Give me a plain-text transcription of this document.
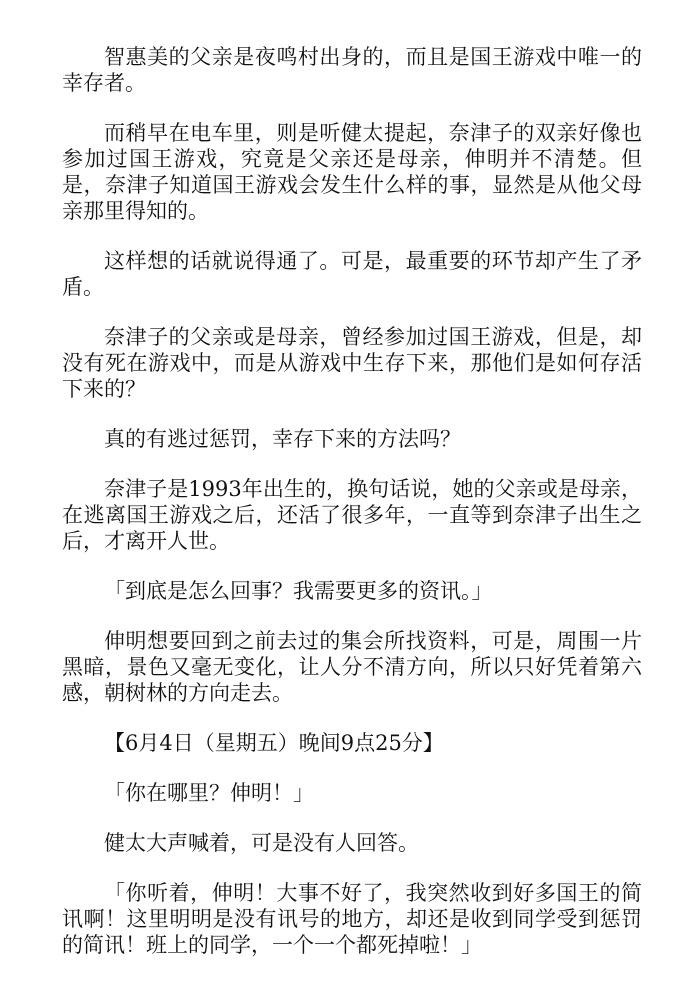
智惠美的父亲是夜鸣村出身的，而且是国王游戏中唯一的幸存者。

而稍早在电车里，则是听健太提起，奈津子的双亲好像也参加过国王游戏，究竟是父亲还是母亲，伸明并不清楚。但是，奈津子知道国王游戏会发生什么样的事，显然是从他父母亲那里得知的。

这样想的话就说得通了。可是，最重要的环节却产生了矛盾。

奈津子的父亲或是母亲，曾经参加过国王游戏，但是，却没有死在游戏中，而是从游戏中生存下来，那他们是如何存活下来的？

真的有逃过惩罚，幸存下来的方法吗？

奈津子是1993年出生的，换句话说，她的父亲或是母亲，在逃离国王游戏之后，还活了很多年，一直等到奈津子出生之后，才离开人世。

「到底是怎么回事？我需要更多的资讯。」

伸明想要回到之前去过的集会所找资料，可是，周围一片黑暗，景色又毫无变化，让人分不清方向，所以只好凭着第六感，朝树林的方向走去。

【6月4日（星期五）晚间9点25分】

「你在哪里？伸明！」

健太大声喊着，可是没有人回答。

「你听着，伸明！大事不好了，我突然收到好多国王的简讯啊！这里明明是没有讯号的地方，却还是收到同学受到惩罚的简讯！班上的同学，一个一个都死掉啦！」
